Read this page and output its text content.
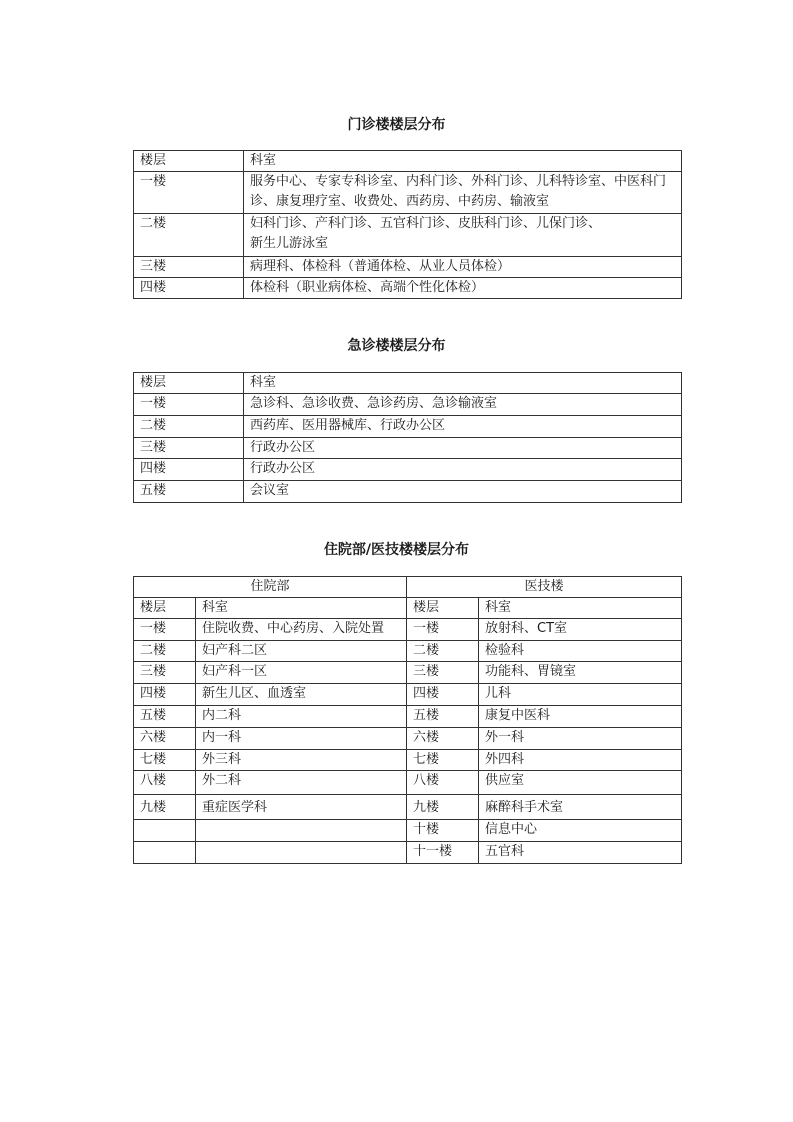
门诊楼楼层分布
楼层	科室
一楼	服务中心、专家专科诊室、内科门诊、外科门诊、儿科特诊室、中医科门诊、康复理疗室、收费处、西药房、中药房、输液室
二楼	妇科门诊、产科门诊、五官科门诊、皮肤科门诊、儿保门诊、新生儿游泳室
三楼	病理科、体检科（普通体检、从业人员体检）
四楼	体检科（职业病体检、高端个性化体检）
急诊楼楼层分布
楼层	科室
一楼	急诊科、急诊收费、急诊药房、急诊输液室
二楼	西药库、医用器械库、行政办公区
三楼	行政办公区
四楼	行政办公区
五楼	会议室
住院部/医技楼楼层分布
住院部		医技楼	
楼层	科室	楼层	科室
一楼	住院收费、中心药房、入院处置	一楼	放射科、CT室
二楼	妇产科二区	二楼	检验科
三楼	妇产科一区	三楼	功能科、胃镜室
四楼	新生儿区、血透室	四楼	儿科
五楼	内二科	五楼	康复中医科
六楼	内一科	六楼	外一科
七楼	外三科	七楼	外四科
八楼	外二科	八楼	供应室
九楼	重症医学科	九楼	麻醉科手术室
		十楼	信息中心
		十一楼	五官科
